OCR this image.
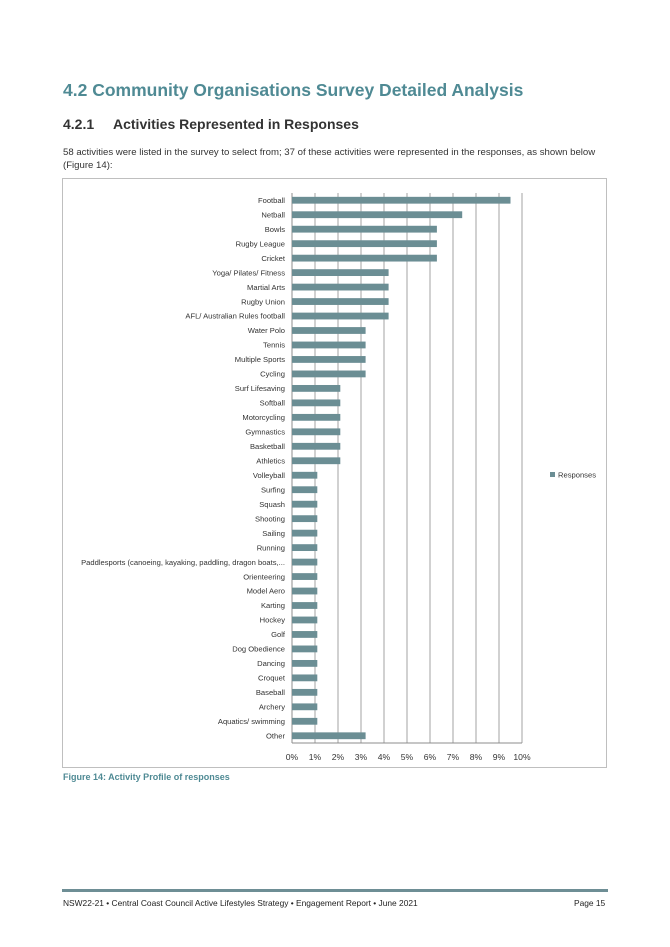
4.2 Community Organisations Survey Detailed Analysis
4.2.1 Activities Represented in Responses

58 activities were listed in the survey to select from; 37 of these activities were represented in the responses, as shown below (Figure 14):

0% 1% 2% 3% 4% 5% 6% 7% 8% 9% 10%
Football
Netball
Bowls
Rugby League
Cricket
Yoga/ Pilates/ Fitness
Martial Arts
Rugby Union
AFL/ Australian Rules football
Water Polo
Tennis
Multiple Sports
Cycling
Surf Lifesaving
Softball
Motorcycling
Gymnastics
Basketball
Athletics
Volleyball
Surfing
Squash
Shooting
Sailing
Running
Paddlesports (canoeing, kayaking, paddling, dragon boats,...
Orienteering
Model Aero
Karting
Hockey
Golf
Dog Obedience
Dancing
Croquet
Baseball
Archery
Aquatics/ swimming
Other
Responses

Figure 14: Activity Profile of responses

NSW22-21 • Central Coast Council Active Lifestyles Strategy • Engagement Report • June 2021	Page 15
